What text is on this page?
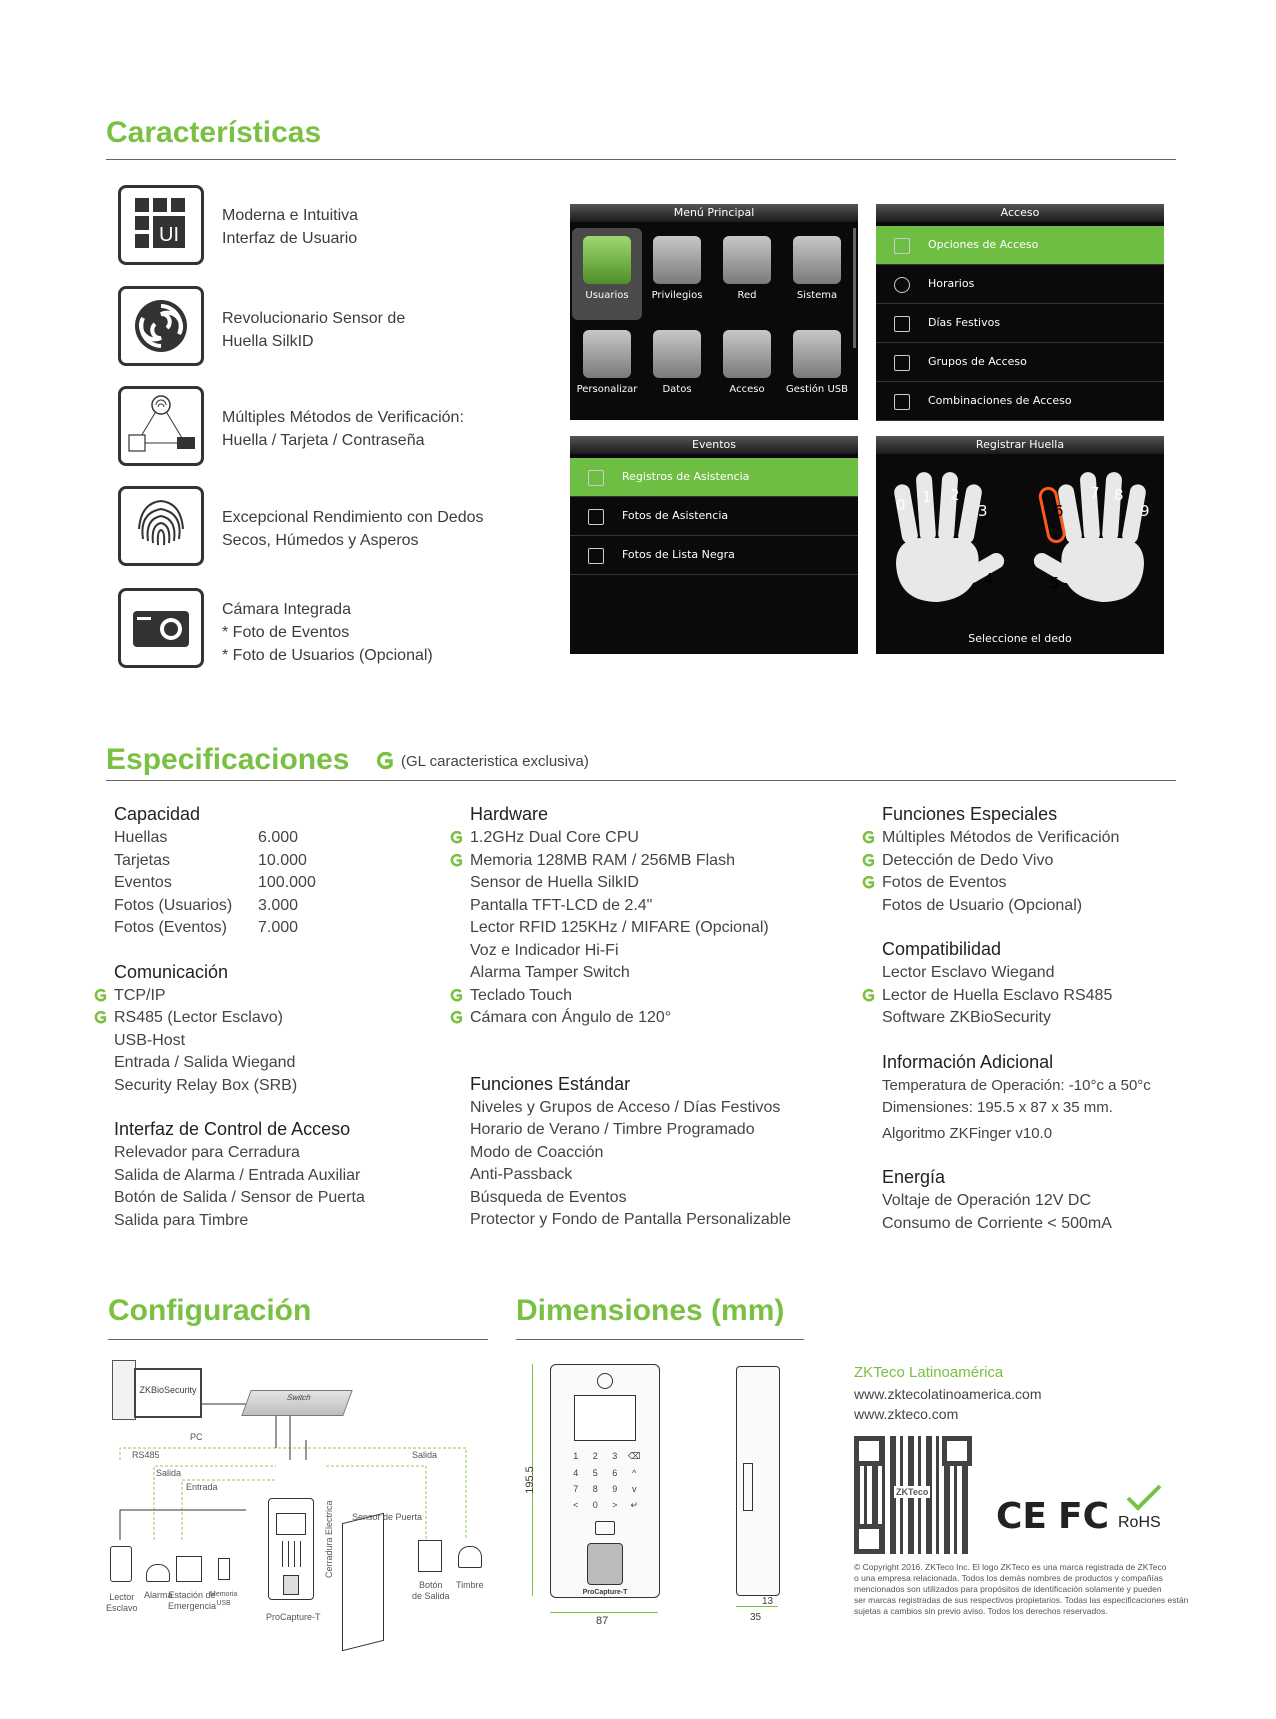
Características
UI
Moderna e Intuitiva
Interfaz de Usuario
Revolucionario Sensor de
Huella SilkID
Múltiples Métodos de Verificación:
Huella / Tarjeta / Contraseña
Excepcional Rendimiento con Dedos
Secos, Húmedos y Asperos
Cámara Integrada
* Foto de Eventos
* Foto de Usuarios (Opcional)
Menú Principal
Usuarios	Privilegios	Red	Sistema
Personalizar	Datos	Acceso	Gestión USB
Acceso
Opciones de Acceso
Horarios
Días Festivos
Grupos de Acceso
Combinaciones de Acceso
Eventos
Registros de Asistencia
Fotos de Asistencia
Fotos de Lista Negra
Registrar Huella
0 1 2
3
4	5
6
7 8
9
Seleccione el dedo
Especificaciones	(GL caracteristica exclusiva)
Capacidad
Huellas	6.000
Tarjetas	10.000
Eventos	100.000
Fotos (Usuarios) 3.000
Fotos (Eventos) 7.000
Comunicación
TCP/IP
RS485 (Lector Esclavo)
USB-Host
Entrada / Salida Wiegand
Security Relay Box (SRB)
Interfaz de Control de Acceso
Relevador para Cerradura
Salida de Alarma / Entrada Auxiliar
Botón de Salida / Sensor de Puerta
Salida para Timbre
Hardware
1.2GHz Dual Core CPU
Memoria 128MB RAM / 256MB Flash
Sensor de Huella SilkID
Pantalla TFT-LCD de 2.4"
Lector RFID 125KHz / MIFARE (Opcional)
Voz e Indicador Hi-Fi
Alarma Tamper Switch
Teclado Touch
Cámara con Ángulo de 120°
Funciones Estándar
Niveles y Grupos de Acceso / Días Festivos
Horario de Verano / Timbre Programado
Modo de Coacción
Anti-Passback
Búsqueda de Eventos
Protector y Fondo de Pantalla Personalizable
Funciones Especiales
Múltiples Métodos de Verificación
Detección de Dedo Vivo
Fotos de Eventos
Fotos de Usuario (Opcional)
Compatibilidad
Lector Esclavo Wiegand
Lector de Huella Esclavo RS485
Software ZKBioSecurity
Información Adicional
Temperatura de Operación: -10°c a 50°c
Dimensiones: 195.5 x 87 x 35 mm.
Algoritmo ZKFinger v10.0
Energía
Voltaje de Operación 12V DC
Consumo de Corriente < 500mA
Configuración
ZKBioSecurity
PC
Switch
RS485
Salida
Entrada
Salida
ProCapture-T
Sensor de Puerta
Cerradura Electrica
Lector
Esclavo
Alarma
Estación de
Emergencia
Memoria
USB
Botón
de Salida
Timbre
Dimensiones (mm)
1	2	3	⌫
4	5	6	^
7	8	9	v
<	0	>	↵
ProCapture-T
195.5
87
13
35
ZKTeco Latinoamérica
www.zktecolatinoamerica.com
www.zkteco.com
ZKTeco
CE FC RoHS
© Copyright 2016. ZKTeco Inc. El logo ZKTeco es una marca registrada de ZKTeco
o una empresa relacionada. Todos los demás nombres de productos y compañías
mencionados son utilizados para propósitos de identificación solamente y pueden
ser marcas registradas de sus respectivos propietarios. Todas las especificaciones están
sujetas a cambios sin previo aviso. Todos los derechos reservados.
